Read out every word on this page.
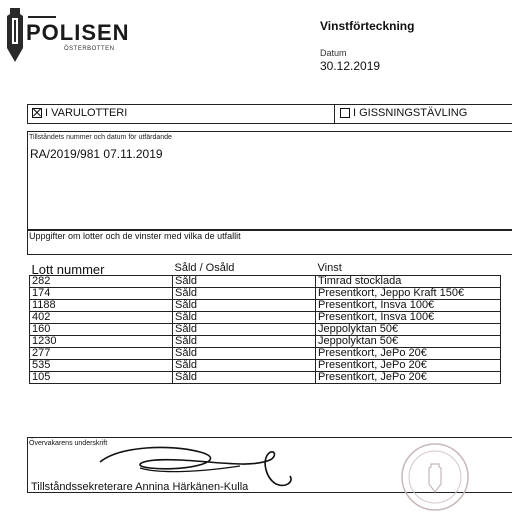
POLISEN
ÖSTERBOTTEN
Vinstförteckning
Datum
30.12.2019
I VARULOTTERI	I GISSNINGSTÄVLING
Tillståndets nummer och datum för utfärdande
RA/2019/981 07.11.2019
Uppgifter om lotter och de vinster med vilka de utfallit
Lott nummer	Såld / Osåld	Vinst
282	Såld	Timrad stocklada
174	Såld	Presentkort, Jeppo Kraft 150€
1188	Såld	Presentkort, Insva 100€
402	Såld	Presentkort, Insva 100€
160	Såld	Jeppolyktan 50€
1230	Såld	Jeppolyktan 50€
277	Såld	Presentkort, JePo 20€
535	Såld	Presentkort, JePo 20€
105	Såld	Presentkort, JePo 20€
Övervakarens underskrift
Tillståndssekreterare Annina Härkänen-Kulla
